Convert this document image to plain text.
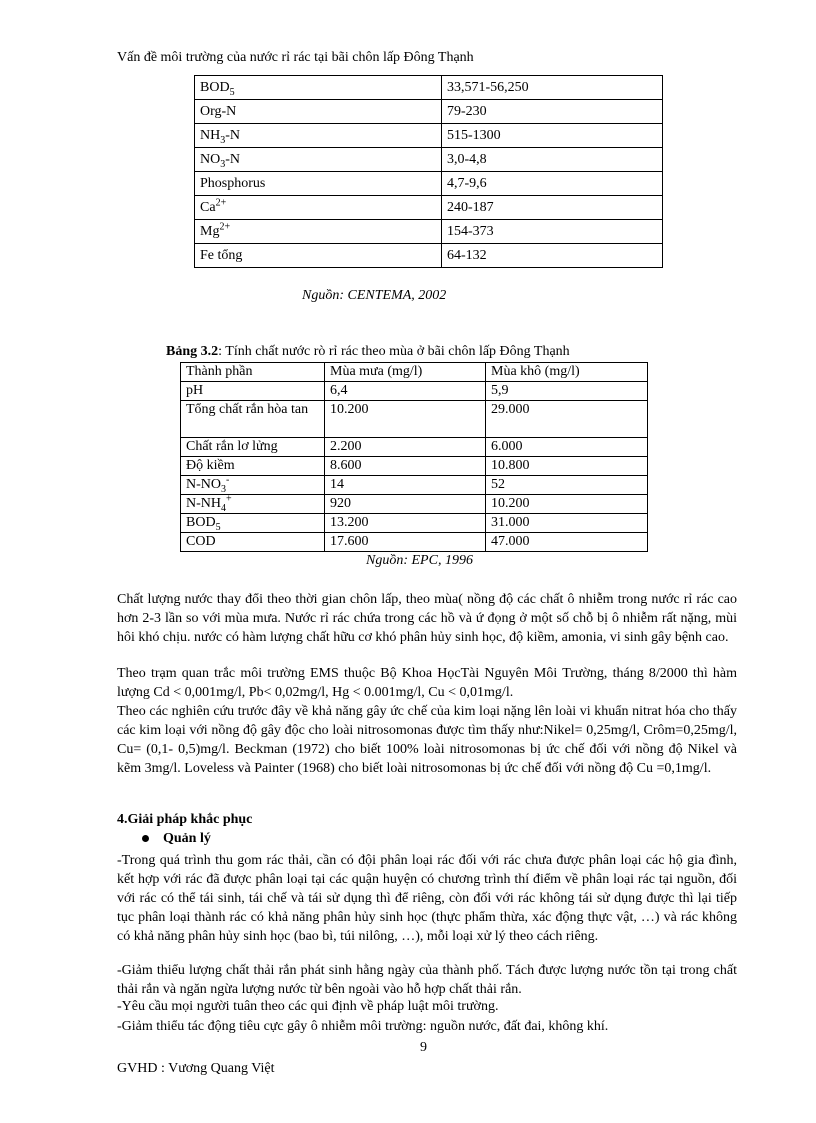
Vấn đề môi trường của nước rỉ rác tại bãi chôn lấp Đông Thạnh
$BOD_5$	33,571-56,250
Org-N	79-230
$NH_3-N$	515-1300
$NO_3-N$	3,0-4,8
Phosphorus	4,7-9,6
$Ca^{2+}$	240-187
$Mg^{2+}$	154-373
Fe tổng	64-132
Nguồn: CENTEMA, 2002
Bảng 3.2: Tính chất nước rò rỉ rác theo mùa ở bãi chôn lấp Đông Thạnh
Thành phần	Mùa mưa (mg/l)	Mùa khô (mg/l)
pH	6,4	5,9
Tổng chất rắn hòa tan	10.200	29.000
Chất rắn lơ lửng	2.200	6.000
Độ kiềm	8.600	10.800
$N-NO_3^-$	14	52
$N-NH_4^+$	920	10.200
$BOD_5$	13.200	31.000
COD	17.600	47.000
Nguồn: EPC, 1996
Chất lượng nước thay đổi theo thời gian chôn lấp, theo mùa( nồng độ các chất ô nhiễm trong nước rỉ rác cao hơn 2-3 lần so với mùa mưa. Nước rỉ rác chứa trong các hồ và ứ đọng ở một số chỗ bị ô nhiễm rất nặng, mùi hôi khó chịu. nước có hàm lượng chất hữu cơ khó phân hủy sinh học, độ kiềm, amonia, vi sinh gây bệnh cao.
Theo trạm quan trắc môi trường EMS thuộc Bộ Khoa HọcTài Nguyên Môi Trường, tháng 8/2000 thì hàm lượng Cd < 0,001mg/l, Pb< 0,02mg/l, Hg < 0.001mg/l, Cu < 0,01mg/l.
Theo các nghiên cứu trước đây về khả năng gây ức chế của kim loại nặng lên loài vi khuẩn nitrat hóa cho thấy các kim loại với nồng độ gây độc cho loài nitrosomonas được tìm thấy như:Nikel= 0,25mg/l, Crôm=0,25mg/l, Cu= (0,1- 0,5)mg/l. Beckman (1972) cho biết 100% loài nitrosomonas bị ức chế đối với nồng độ Nikel và kẽm 3mg/l. Loveless và Painter (1968) cho biết loài nitrosomonas bị ức chế đối với nồng độ Cu =0,1mg/l.
4.Giải pháp khắc phục
Quản lý
-Trong quá trình thu gom rác thải, cần có đội phân loại rác đối với rác chưa được phân loại các hộ gia đình, kết hợp với rác đã được phân loại tại các quận huyện có chương trình thí điểm về phân loại rác tại nguồn, đối với rác có thể tái sinh, tái chế và tái sử dụng thì để riêng, còn đối với rác không tái sử dụng được thì lại tiếp tục phân loại thành rác có khả năng phân hủy sinh học (thực phẩm thừa, xác động thực vật, …) và rác không có khả năng phân hủy sinh học (bao bì, túi nilông, …), mỗi loại xử lý theo cách riêng.
-Giảm thiểu lượng chất thải rắn phát sinh hằng ngày của thành phố. Tách được lượng nước tồn tại trong chất thải rắn và ngăn ngừa lượng nước từ bên ngoài vào hỗ hợp chất thải rắn.
-Yêu cầu mọi người tuân theo các qui định về pháp luật môi trường.
-Giảm thiểu tác động tiêu cực gây ô nhiễm môi trường: nguồn nước, đất đai, không khí.
9
GVHD : Vương Quang Việt
